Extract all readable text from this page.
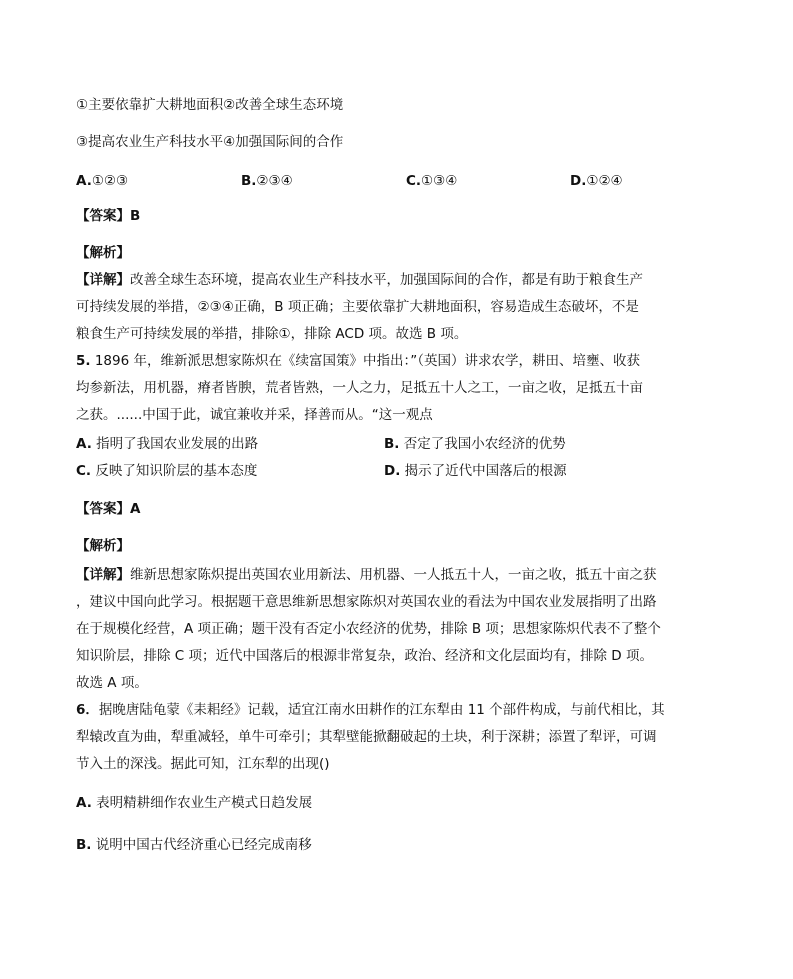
①主要依靠扩大耕地面积②改善全球生态环境
③提高农业生产科技水平④加强国际间的合作
A.①②③	B.②③④	C.①③④	D.①②④
【答案】B
【解析】
【详解】改善全球生态环境，提高农业生产科技水平，加强国际间的合作，都是有助于粮食生产
可持续发展的举措，②③④正确，B 项正确；主要依靠扩大耕地面积，容易造成生态破坏，不是
粮食生产可持续发展的举措，排除①，排除 ACD 项。故选 B 项。
5. 1896 年，维新派思想家陈炽在《续富国策》中指出：”（英国）讲求农学，耕田、培壅、收获
均参新法，用机器，瘠者皆腴，荒者皆熟，一人之力，足抵五十人之工，一亩之收，足抵五十亩
之获。......中国于此，诚宜兼收并采，择善而从。“这一观点
A. 指明了我国农业发展的出路	B. 否定了我国小农经济的优势
C. 反映了知识阶层的基本态度	D. 揭示了近代中国落后的根源
【答案】A
【解析】
【详解】维新思想家陈炽提出英国农业用新法、用机器、一人抵五十人，一亩之收，抵五十亩之获
，建议中国向此学习。根据题干意思维新思想家陈炽对英国农业的看法为中国农业发展指明了出路
在于规模化经营，A 项正确；题干没有否定小农经济的优势，排除 B 项；思想家陈炽代表不了整个
知识阶层，排除 C 项；近代中国落后的根源非常复杂，政治、经济和文化层面均有，排除 D 项。
故选 A 项。
6．据晚唐陆龟蒙《耒耜经》记载，适宜江南水田耕作的江东犁由 11 个部件构成，与前代相比，其
犁辕改直为曲，犁重减轻，单牛可牵引；其犁壁能掀翻破起的土块，利于深耕；添置了犁评，可调
节入土的深浅。据此可知，江东犁的出现()
A. 表明精耕细作农业生产模式日趋发展
B. 说明中国古代经济重心已经完成南移
